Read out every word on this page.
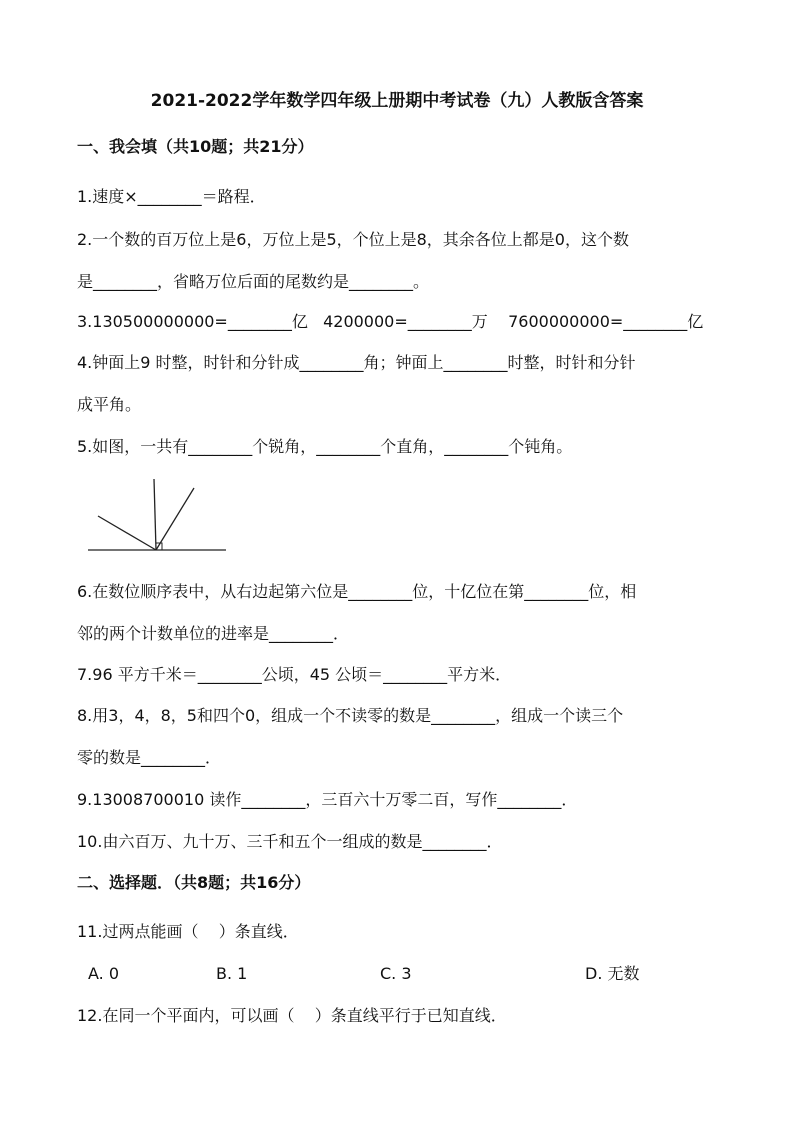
2021-2022学年数学四年级上册期中考试卷（九）人教版含答案
一、我会填（共10题；共21分）
1.速度×________＝路程．
2.一个数的百万位上是6，万位上是5，个位上是8，其余各位上都是0，这个数
是________，省略万位后面的尾数约是________。
3.130500000000=________亿   4200000=________万    7600000000=________亿
4.钟面上9 时整，时针和分针成________角；钟面上________时整，时针和分针
成平角。
5.如图，一共有________个锐角，________个直角，________个钝角。
6.在数位顺序表中，从右边起第六位是________位，十亿位在第________位，相
邻的两个计数单位的进率是________．
7.96 平方千米＝________公顷，45 公顷＝________平方米．
8.用3，4，8，5和四个0，组成一个不读零的数是________，组成一个读三个
零的数是________．
9.13008700010 读作________，三百六十万零二百，写作________．
10.由六百万、九十万、三千和五个一组成的数是________．
二、选择题．（共8题；共16分）
11.过两点能画（    ）条直线．
A. 0	B. 1	C. 3	D. 无数
12.在同一个平面内，可以画（    ）条直线平行于已知直线．
